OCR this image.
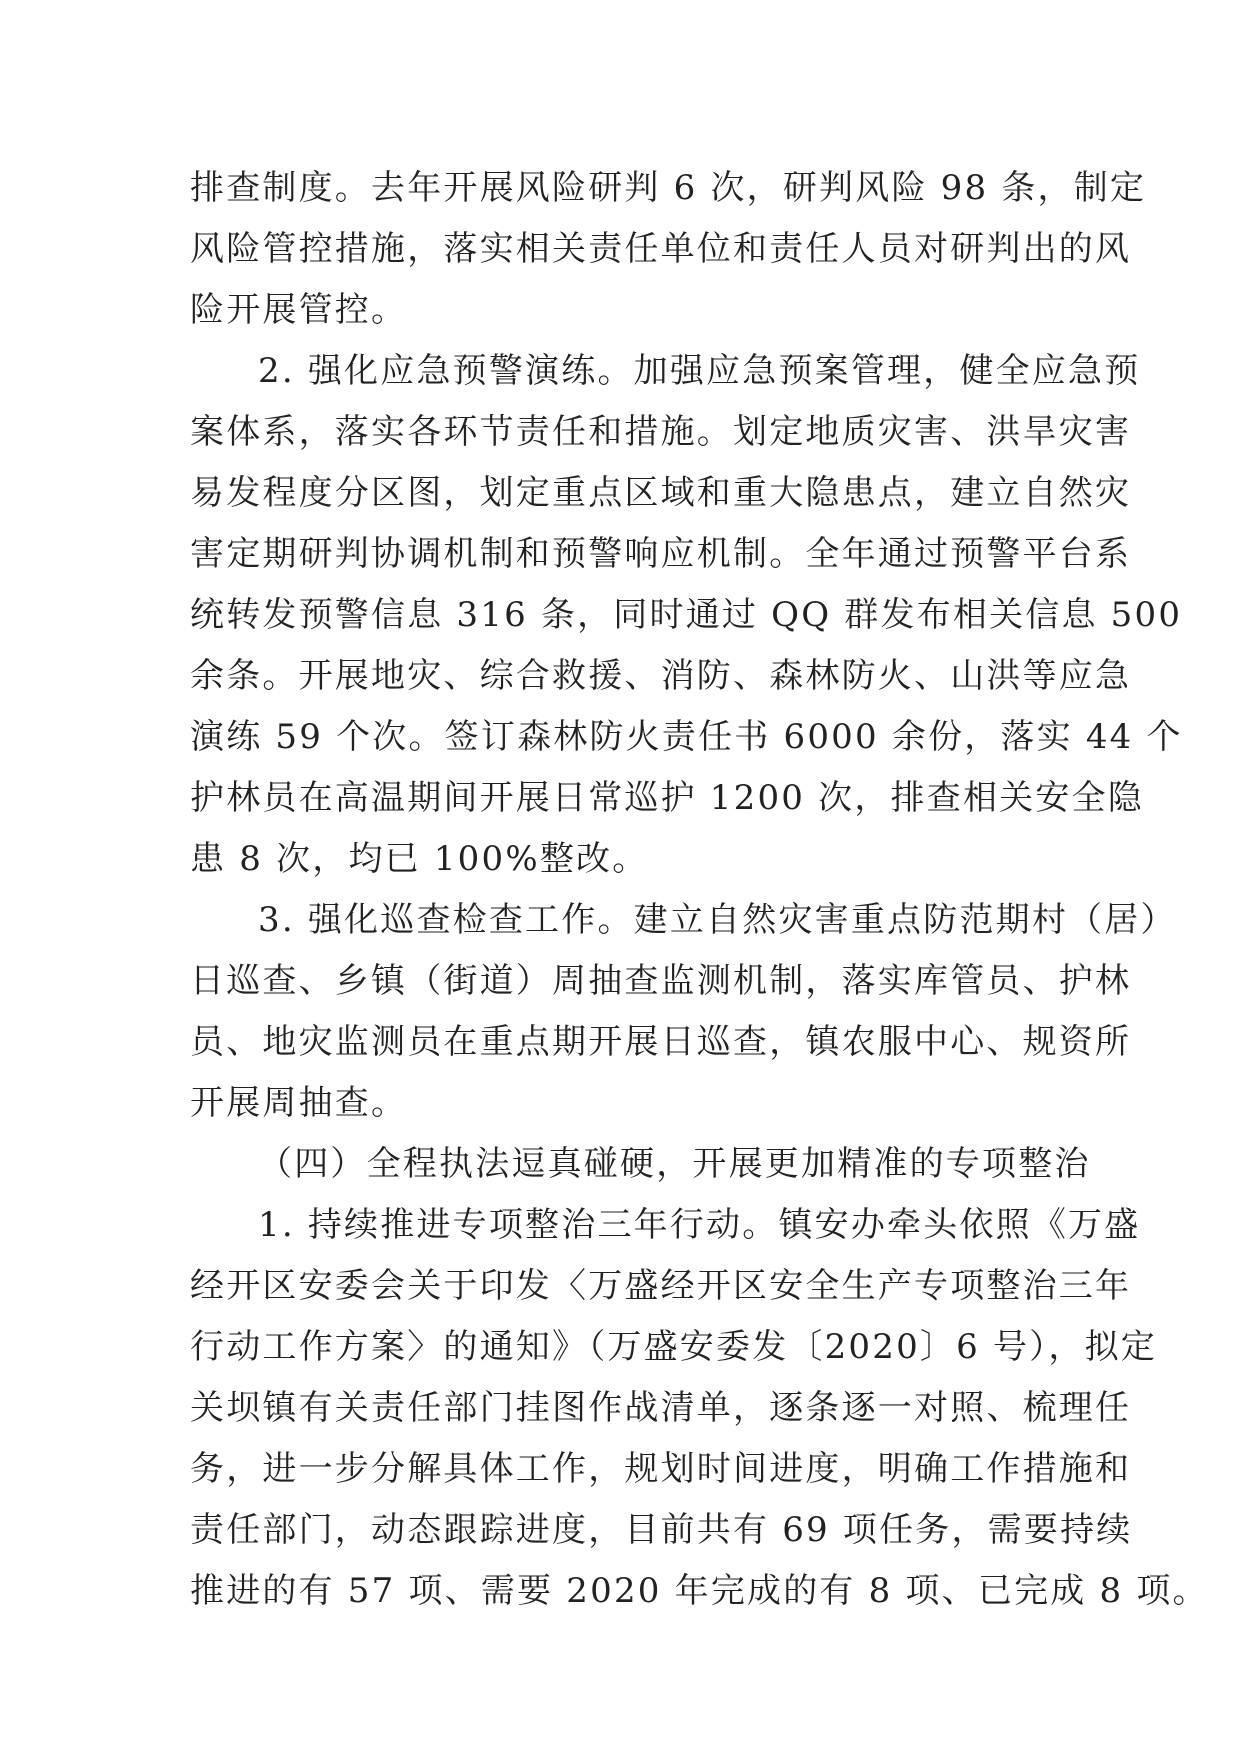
排查制度。去年开展风险研判 6 次，研判风险 98 条，制定
风险管控措施，落实相关责任单位和责任人员对研判出的风
险开展管控。
2. 强化应急预警演练。加强应急预案管理，健全应急预
案体系，落实各环节责任和措施。划定地质灾害、洪旱灾害
易发程度分区图，划定重点区域和重大隐患点，建立自然灾
害定期研判协调机制和预警响应机制。全年通过预警平台系
统转发预警信息 316 条，同时通过 QQ 群发布相关信息 500
余条。开展地灾、综合救援、消防、森林防火、山洪等应急
演练 59 个次。签订森林防火责任书 6000 余份，落实 44 个
护林员在高温期间开展日常巡护 1200 次，排查相关安全隐
患 8 次，均已 100%整改。
3. 强化巡查检查工作。建立自然灾害重点防范期村（居）
日巡查、乡镇（街道）周抽查监测机制，落实库管员、护林
员、地灾监测员在重点期开展日巡查，镇农服中心、规资所
开展周抽查。
（四）全程执法逗真碰硬，开展更加精准的专项整治
1. 持续推进专项整治三年行动。镇安办牵头依照《万盛
经开区安委会关于印发〈万盛经开区安全生产专项整治三年
行动工作方案〉的通知》（万盛安委发〔2020〕6 号），拟定
关坝镇有关责任部门挂图作战清单，逐条逐一对照、梳理任
务，进一步分解具体工作，规划时间进度，明确工作措施和
责任部门，动态跟踪进度，目前共有 69 项任务，需要持续
推进的有 57 项、需要 2020 年完成的有 8 项、已完成 8 项。
